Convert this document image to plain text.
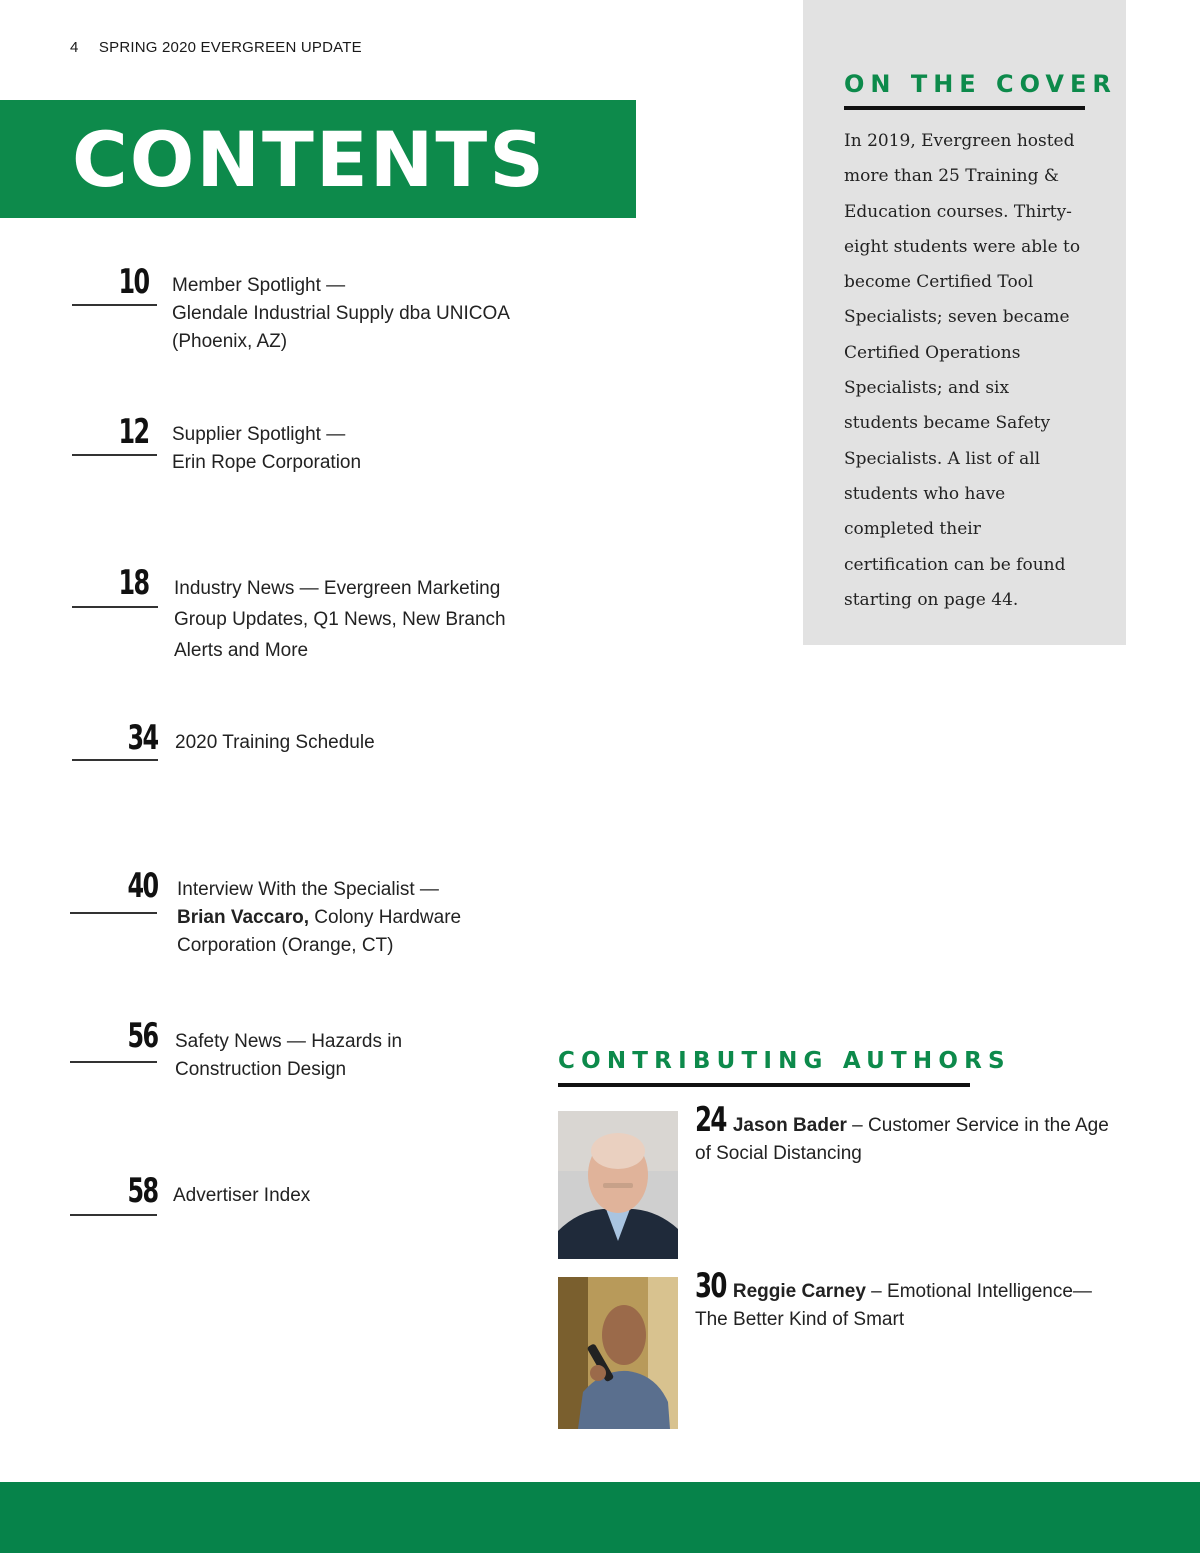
4 SPRING 2020 EVERGREEN UPDATE
CONTENTS
10 Member Spotlight —
Glendale Industrial Supply dba UNICOA
(Phoenix, AZ)
12 Supplier Spotlight —
Erin Rope Corporation
18 Industry News — Evergreen Marketing
Group Updates, Q1 News, New Branch
Alerts and More
34 2020 Training Schedule
40 Interview With the Specialist —
Brian Vaccaro, Colony Hardware
Corporation (Orange, CT)
56 Safety News — Hazards in
Construction Design
58 Advertiser Index
ON THE COVER
In 2019, Evergreen hosted more than 25 Training & Education courses. Thirty-eight students were able to become Certified Tool Specialists; seven became Certified Operations Specialists; and six students became Safety Specialists. A list of all students who have completed their certification can be found starting on page 44.
CONTRIBUTING AUTHORS
24 Jason Bader – Customer Service in the Age of Social Distancing
30 Reggie Carney – Emotional Intelligence—The Better Kind of Smart
